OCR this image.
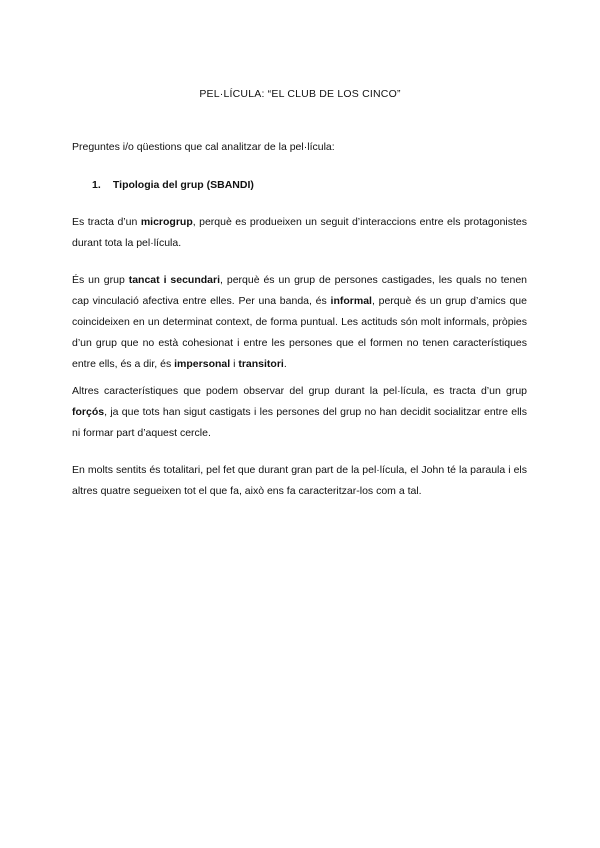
PEL·LÍCULA: “EL CLUB DE LOS CINCO”
Preguntes i/o qüestions que cal analitzar de la pel·lícula:
1. Tipologia del grup (SBANDI)
Es tracta d’un microgrup, perquè es produeixen un seguit d’interaccions entre els protagonistes durant tota la pel·lícula.
És un grup tancat i secundari, perquè és un grup de persones castigades, les quals no tenen cap vinculació afectiva entre elles. Per una banda, és informal, perquè és un grup d’amics que coincideixen en un determinat context, de forma puntual. Les actituds són molt informals, pròpies d’un grup que no està cohesionat i entre les persones que el formen no tenen característiques entre ells, és a dir, és impersonal i transitori.
Altres característiques que podem observar del grup durant la pel·lícula, es tracta d’un grup forçós, ja que tots han sigut castigats i les persones del grup no han decidit socialitzar entre ells ni formar part d’aquest cercle.
En molts sentits és totalitari, pel fet que durant gran part de la pel·lícula, el John té la paraula i els altres quatre segueixen tot el que fa, això ens fa caracteritzar-los com a tal.
